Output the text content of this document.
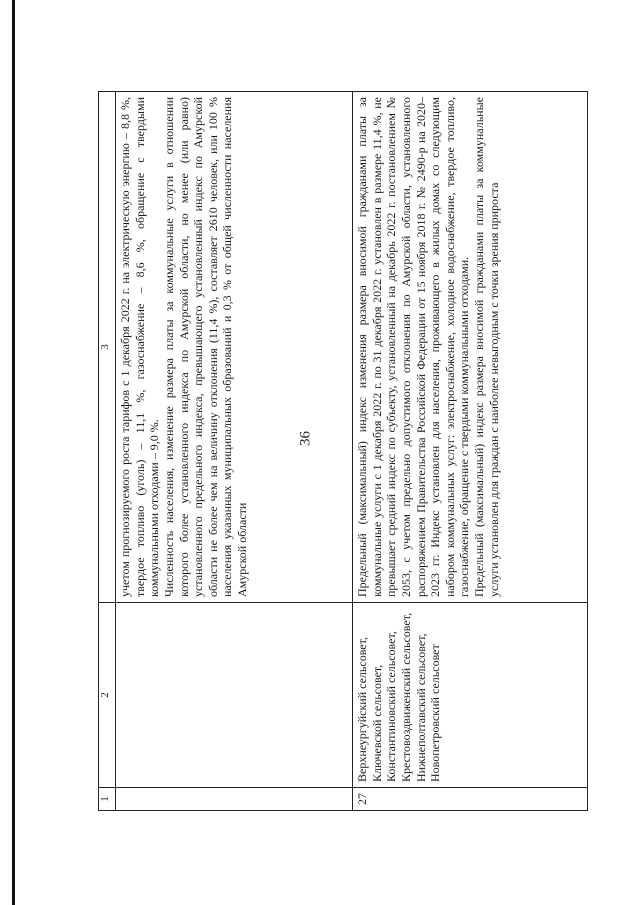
36
1	2	3

		учетом прогнозируемого роста тарифов с 1 декабря 2022 г. на электрическую энергию – 8,8 %, твердое топливо (уголь) – 11,1 %, газоснабжение – 8,6 %, обращение с твердыми коммунальными отходами – 9,0 %. Численность населения, изменение размера платы за коммунальные услуги в отношении которого более установленного индекса по Амурской области, но менее (или равно) установленного предельного индекса, превышающего установленный индекс по Амурской области не более чем на величину отклонения (11,4 %), составляет 2610 человек, или 100 % населения указанных муниципальных образований и 0,3 % от общей численности населения Амурской области

27	Верхнеургуйский сельсовет, Ключевской сельсовет, Константиновский сельсовет, Крестовоздвиженский сельсовет, Нижнеполтавский сельсовет, Новопетровский сельсовет	Предельный (максимальный) индекс изменения размера вносимой гражданами платы за коммунальные услуги с 1 декабря 2022 г. по 31 декабря 2022 г. установлен в размере 11,4 %, не превышает средний индекс по субъекту, установленный на декабрь 2022 г. постановлением № 2053, с учетом предельно допустимого отклонения по Амурской области, установленного распоряжением Правительства Российской Федерации от 15 ноября 2018 г. № 2490-р на 2020–2023 гг. Индекс установлен для населения, проживающего в жилых домах со следующим набором коммунальных услуг: электроснабжение, холодное водоснабжение, твердое топливо, газоснабжение, обращение с твердыми коммунальными отходами. Предельный (максимальный) индекс размера вносимой гражданами платы за коммунальные услуги установлен для граждан с наиболее невыгодным с точки зрения прироста
